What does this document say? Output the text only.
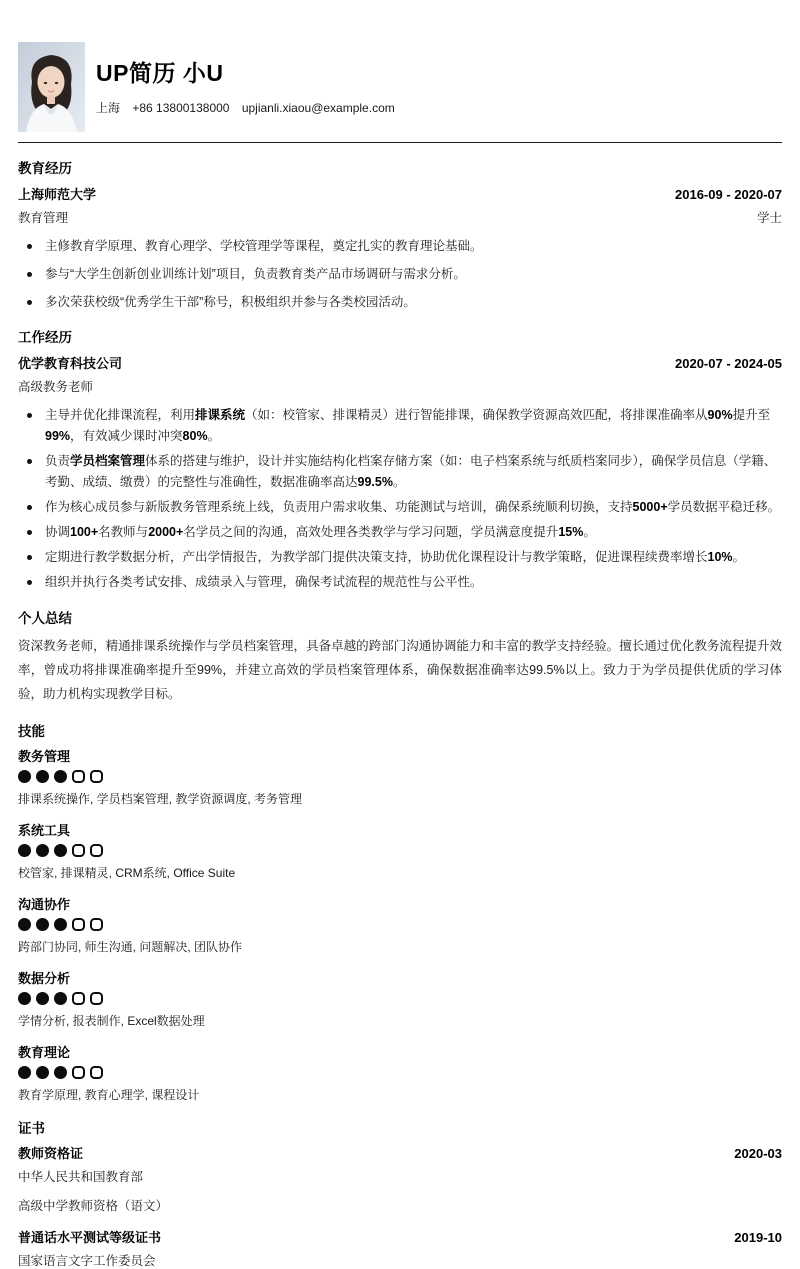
UP简历 小U
上海 +86 13800138000 upjianli.xiaou@example.com
教育经历
上海师范大学	2016-09 - 2020-07
教育管理	学士
主修教育学原理、教育心理学、学校管理学等课程，奠定扎实的教育理论基础。
参与“大学生创新创业训练计划”项目，负责教育类产品市场调研与需求分析。
多次荣获校级“优秀学生干部”称号，积极组织并参与各类校园活动。
工作经历
优学教育科技公司	2020-07 - 2024-05
高级教务老师
主导并优化排课流程，利用排课系统（如：校管家、排课精灵）进行智能排课，确保教学资源高效匹配，将排课准确率从90%提升至99%，有效减少课时冲突80%。
负责学员档案管理体系的搭建与维护，设计并实施结构化档案存储方案（如：电子档案系统与纸质档案同步），确保学员信息（学籍、考勤、成绩、缴费）的完整性与准确性，数据准确率高达99.5%。
作为核心成员参与新版教务管理系统上线，负责用户需求收集、功能测试与培训，确保系统顺利切换，支持5000+学员数据平稳迁移。
协调100+名教师与2000+名学员之间的沟通，高效处理各类教学与学习问题，学员满意度提升15%。
定期进行教学数据分析，产出学情报告，为教学部门提供决策支持，协助优化课程设计与教学策略，促进课程续费率增长10%。
组织并执行各类考试安排、成绩录入与管理，确保考试流程的规范性与公平性。
个人总结

资深教务老师，精通排课系统操作与学员档案管理，具备卓越的跨部门沟通协调能力和丰富的教学支持经验。擅长通过优化教务流程提升效率，曾成功将排课准确率提升至99%，并建立高效的学员档案管理体系，确保数据准确率达99.5%以上。致力于为学员提供优质的学习体验，助力机构实现教学目标。

技能
教务管理
排课系统操作, 学员档案管理, 教学资源调度, 考务管理
系统工具
校管家, 排课精灵, CRM系统, Office Suite
沟通协作
跨部门协同, 师生沟通, 问题解决, 团队协作
数据分析
学情分析, 报表制作, Excel数据处理
教育理论
教育学原理, 教育心理学, 课程设计
证书
教师资格证	2020-03
中华人民共和国教育部
高级中学教师资格（语文）
普通话水平测试等级证书	2019-10
国家语言文字工作委员会
